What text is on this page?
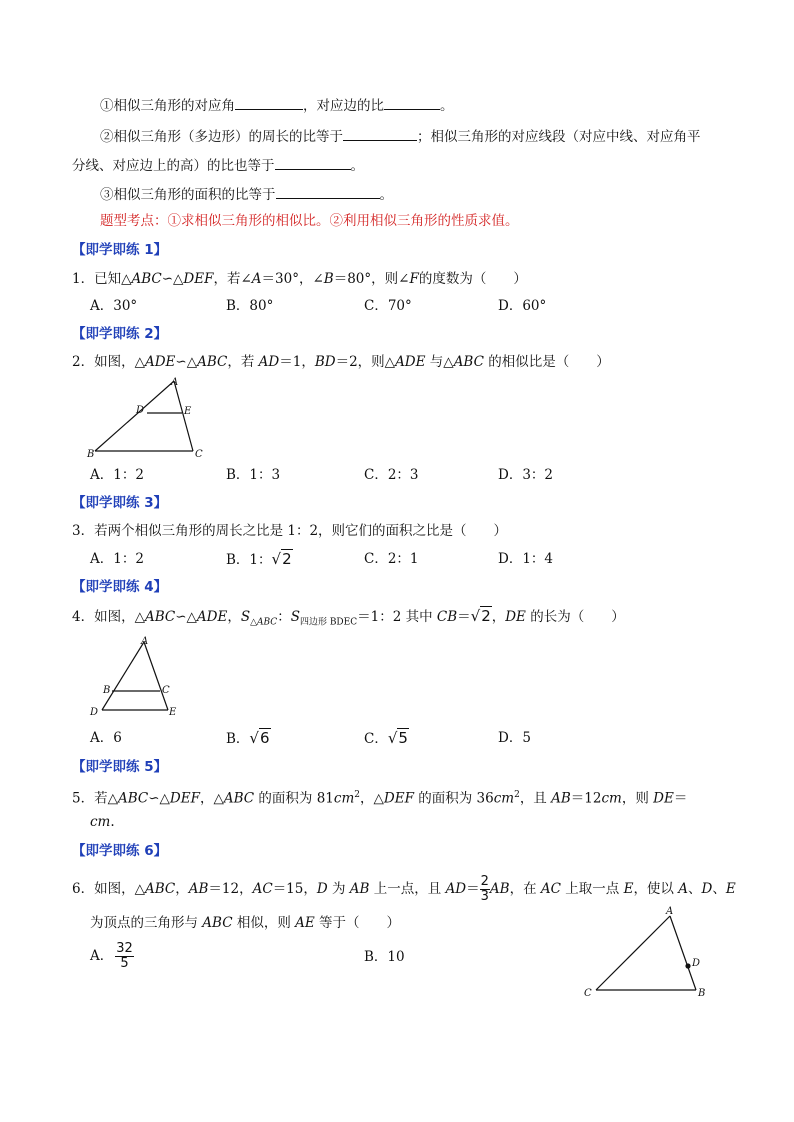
①相似三角形的对应角	，对应边的比	。
②相似三角形（多边形）的周长的比等于	；相似三角形的对应线段（对应中线、对应角平
分线、对应边上的高）的比也等于	。
③相似三角形的面积的比等于	。
题型考点：①求相似三角形的相似比。②利用相似三角形的性质求值。
【即学即练 1】
1．已知△ABC∽△DEF，若∠A＝30°，∠B＝80°，则∠F的度数为（　　）
A．30°	B．80°	C．70°	D．60°
【即学即练 2】
2．如图，△ADE∽△ABC，若 AD＝1，BD＝2，则△ADE 与△ABC 的相似比是（　　）
A
D	E
B	C
A．1：2	B．1：3	C．2：3	D．3：2
【即学即练 3】
3．若两个相似三角形的周长之比是 1：2，则它们的面积之比是（　　）
A．1：2	B．1：√2	C．2：1	D．1：4
【即学即练 4】
4．如图，△ABC∽△ADE，$S_{\triangle ABC}$：$S_{四边形 BDEC}=1$：2 其中 CB＝√2，DE 的长为（　　）
A
B	C
D	E
A．6	B．√6	C．√5	D．5
【即学即练 5】
5．若△ABC∽△DEF，△ABC 的面积为 $81cm^2$，△DEF 的面积为 $36cm^2$，且 AB＝12cm，则 DE＝
cm.
【即学即练 6】
6．如图，△ABC，AB＝12，AC＝15，D 为 AB 上一点，且 $AD= \frac{2}{3}$ AB，在 AC 上取一点 E，使以 A、D、E
为顶点的三角形与 ABC 相似，则 AE 等于（　　）
A． $\frac{32}{5}$	B．10
A
D
C	B
